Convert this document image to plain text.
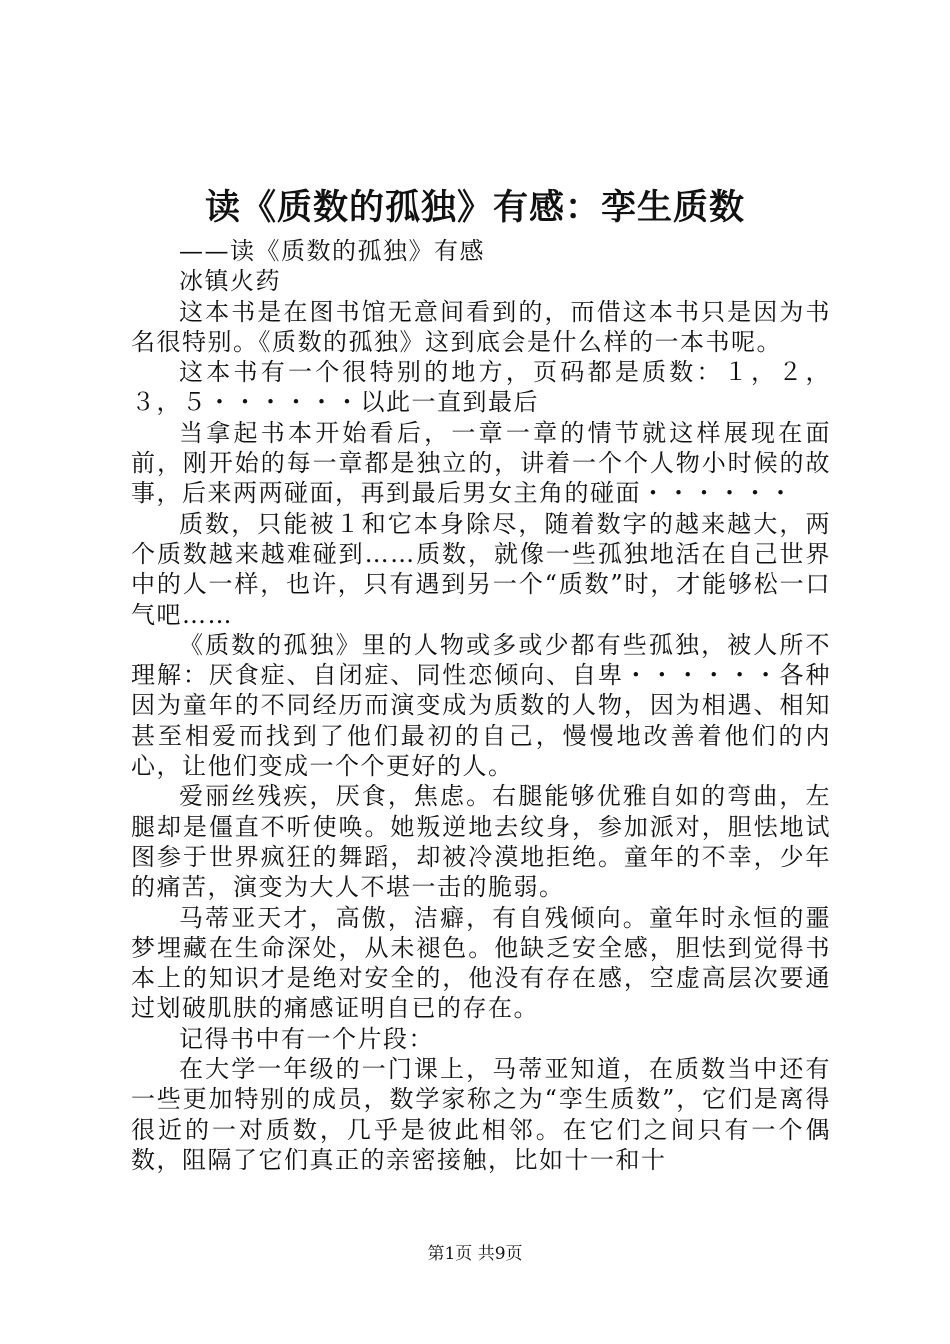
读《质数的孤独》有感：孪生质数

——读《质数的孤独》有感

冰镇火药

这本书是在图书馆无意间看到的，而借这本书只是因为书名很特别。《质数的孤独》这到底会是什么样的一本书呢。

这本书有一个很特别的地方，页码都是质数：１，２，３，５・・・・・・以此一直到最后

当拿起书本开始看后，一章一章的情节就这样展现在面前，刚开始的每一章都是独立的，讲着一个个人物小时候的故事，后来两两碰面，再到最后男女主角的碰面・・・・・・

质数，只能被１和它本身除尽，随着数字的越来越大，两个质数越来越难碰到……质数，就像一些孤独地活在自己世界中的人一样，也许，只有遇到另一个“质数”时，才能够松一口气吧……

《质数的孤独》里的人物或多或少都有些孤独，被人所不理解：厌食症、自闭症、同性恋倾向、自卑・・・・・・各种因为童年的不同经历而演变成为质数的人物，因为相遇、相知甚至相爱而找到了他们最初的自己，慢慢地改善着他们的内心，让他们变成一个个更好的人。

爱丽丝残疾，厌食，焦虑。右腿能够优雅自如的弯曲，左腿却是僵直不听使唤。她叛逆地去纹身，参加派对，胆怯地试图参于世界疯狂的舞蹈，却被冷漠地拒绝。童年的不幸，少年的痛苦，演变为大人不堪一击的脆弱。

马蒂亚天才，高傲，洁癖，有自残倾向。童年时永恒的噩梦埋藏在生命深处，从未褪色。他缺乏安全感，胆怯到觉得书本上的知识才是绝对安全的，他没有存在感，空虚高层次要通过划破肌肤的痛感证明自已的存在。

记得书中有一个片段：

在大学一年级的一门课上，马蒂亚知道，在质数当中还有一些更加特别的成员，数学家称之为“孪生质数”，它们是离得很近的一对质数，几乎是彼此相邻。在它们之间只有一个偶数，阻隔了它们真正的亲密接触，比如十一和十

第1页 共9页
